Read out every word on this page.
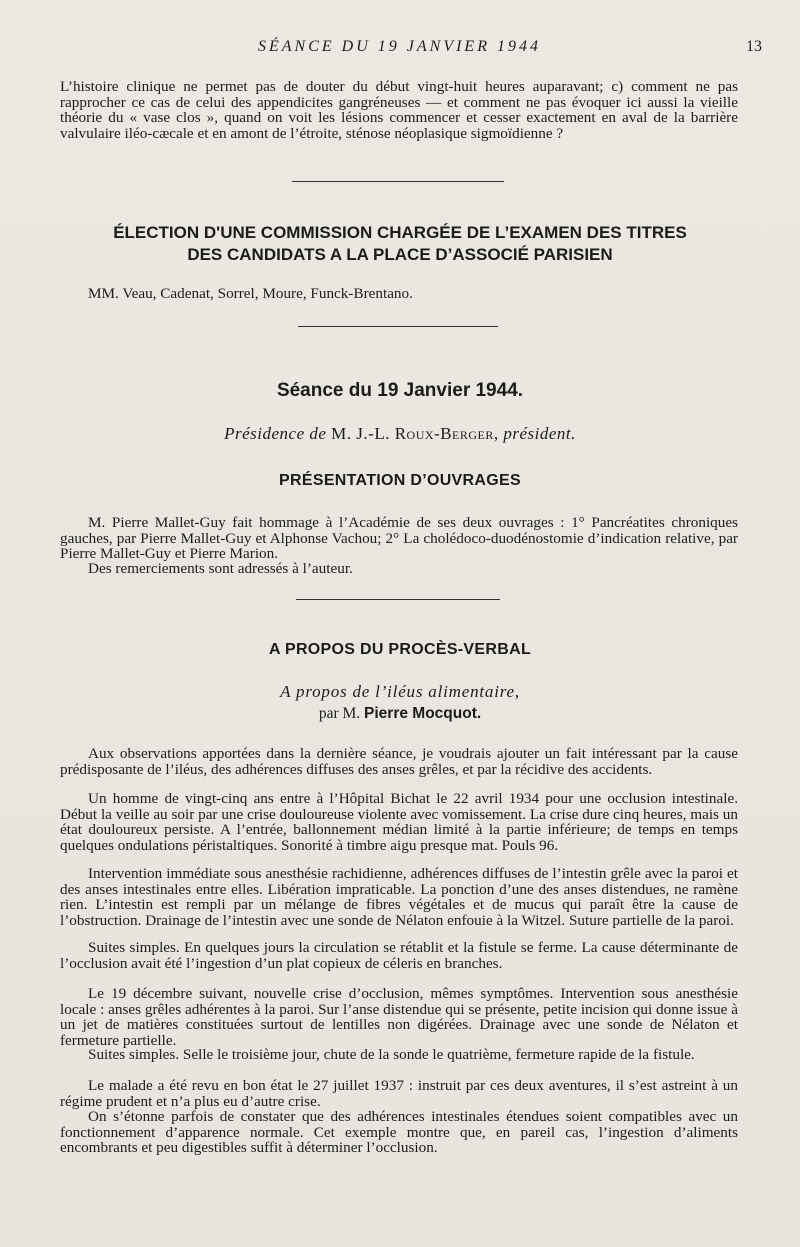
SÉANCE DU 19 JANVIER 1944	13

L’histoire clinique ne permet pas de douter du début vingt-huit heures auparavant; c) comment ne pas rapprocher ce cas de celui des appendicites gangréneuses — et comment ne pas évoquer ici aussi la vieille théorie du « vase clos », quand on voit les lésions commencer et cesser exactement en aval de la barrière valvulaire iléo-cæcale et en amont de l’étroite, sténose néoplasique sigmoïdienne ?

ÉLECTION D'UNE COMMISSION CHARGÉE DE L’EXAMEN DES TITRES
DES CANDIDATS A LA PLACE D’ASSOCIÉ PARISIEN
MM. Veau, Cadenat, Sorrel, Moure, Funck-Brentano.
Séance du 19 Janvier 1944.
Présidence de M. J.-L. Roux-Berger, président.
PRÉSENTATION D’OUVRAGES

M. Pierre Mallet-Guy fait hommage à l’Académie de ses deux ouvrages : 1° Pancréatites chroniques gauches, par Pierre Mallet-Guy et Alphonse Vachou; 2° La cholédoco-duodénostomie d’indication relative, par Pierre Mallet-Guy et Pierre Marion.

Des remerciements sont adressés à l’auteur.

A PROPOS DU PROCÈS-VERBAL
A propos de l’iléus alimentaire,
par M. Pierre Mocquot.

Aux observations apportées dans la dernière séance, je voudrais ajouter un fait intéressant par la cause prédisposante de l’iléus, des adhérences diffuses des anses grêles, et par la récidive des accidents.

Un homme de vingt-cinq ans entre à l’Hôpital Bichat le 22 avril 1934 pour une occlusion intestinale. Début la veille au soir par une crise douloureuse violente avec vomissement. La crise dure cinq heures, mais un état douloureux persiste. A l’entrée, ballonnement médian limité à la partie inférieure; de temps en temps quelques ondulations péristaltiques. Sonorité à timbre aigu presque mat. Pouls 96.

Intervention immédiate sous anesthésie rachidienne, adhérences diffuses de l’intestin grêle avec la paroi et des anses intestinales entre elles. Libération impraticable. La ponction d’une des anses distendues, ne ramène rien. L’intestin est rempli par un mélange de fibres végétales et de mucus qui paraît être la cause de l’obstruction. Drainage de l’intestin avec une sonde de Nélaton enfouie à la Witzel. Suture partielle de la paroi.

Suites simples. En quelques jours la circulation se rétablit et la fistule se ferme. La cause déterminante de l’occlusion avait été l’ingestion d’un plat copieux de céleris en branches.

Le 19 décembre suivant, nouvelle crise d’occlusion, mêmes symptômes. Intervention sous anesthésie locale : anses grêles adhérentes à la paroi. Sur l’anse distendue qui se présente, petite incision qui donne issue à un jet de matières constituées surtout de lentilles non digérées. Drainage avec une sonde de Nélaton et fermeture partielle.

Suites simples. Selle le troisième jour, chute de la sonde le quatrième, fermeture rapide de la fistule.

Le malade a été revu en bon état le 27 juillet 1937 : instruit par ces deux aventures, il s’est astreint à un régime prudent et n’a plus eu d’autre crise.

On s’étonne parfois de constater que des adhérences intestinales étendues soient compatibles avec un fonctionnement d’apparence normale. Cet exemple montre que, en pareil cas, l’ingestion d’aliments encombrants et peu digestibles suffit à déterminer l’occlusion.
